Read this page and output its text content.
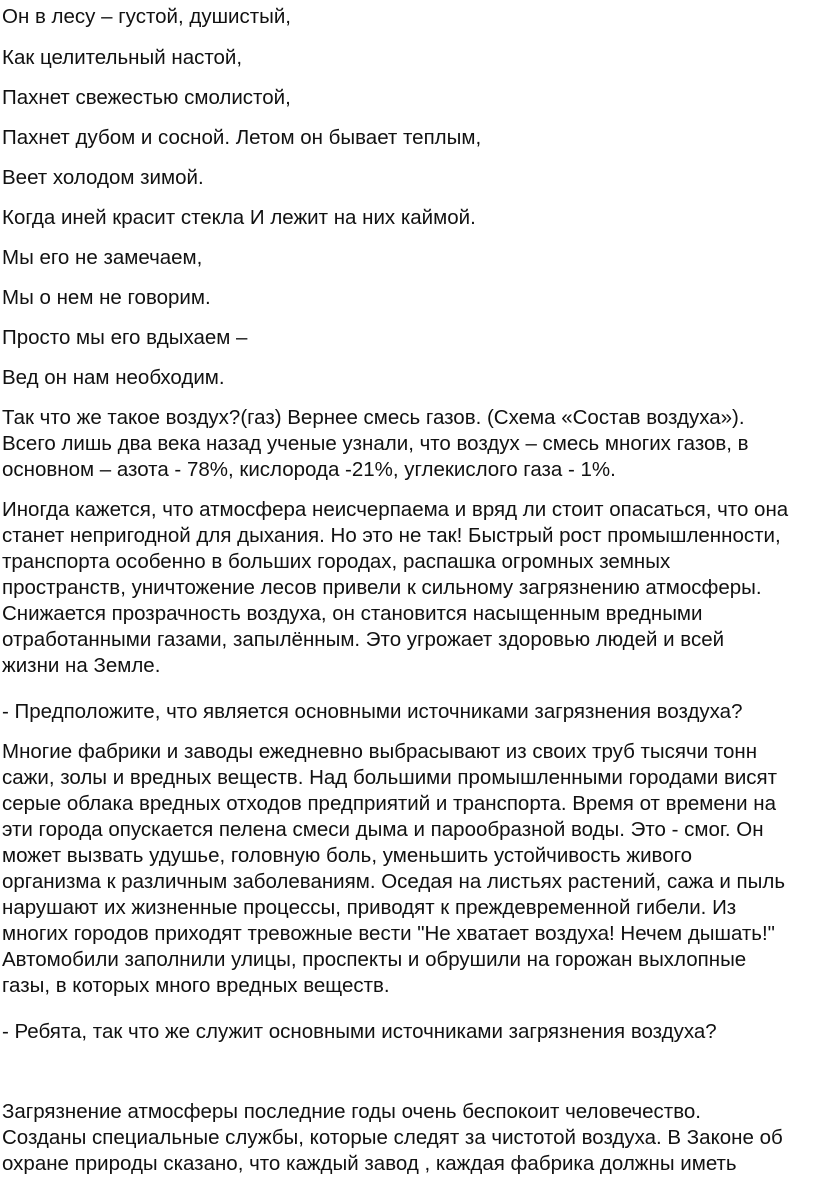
Он в лесу – густой, душистый,
Как целительный настой,
Пахнет свежестью смолистой,
Пахнет дубом и сосной. Летом он бывает теплым,
Веет холодом зимой.
Когда иней красит стекла И лежит на них каймой.
Мы его не замечаем,
Мы о нем не говорим.
Просто мы его вдыхаем –
Вед он нам необходим.
Так что же такое воздух?(газ) Вернее смесь газов. (Схема «Состав воздуха»).
Всего лишь два века назад ученые узнали, что воздух – смесь многих газов, в
основном – азота - 78%, кислорода -21%, углекислого газа - 1%.
Иногда кажется, что атмосфера неисчерпаема и вряд ли стоит опасаться, что она
станет непригодной для дыхания. Но это не так! Быстрый рост промышленности,
транспорта особенно в больших городах, распашка огромных земных
пространств, уничтожение лесов привели к сильному загрязнению атмосферы.
Снижается прозрачность воздуха, он становится насыщенным вредными
отработанными газами, запылённым. Это угрожает здоровью людей и всей
жизни на Земле.
- Предположите, что является основными источниками загрязнения воздуха?
Многие фабрики и заводы ежедневно выбрасывают из своих труб тысячи тонн
сажи, золы и вредных веществ. Над большими промышленными городами висят
серые облака вредных отходов предприятий и транспорта. Время от времени на
эти города опускается пелена смеси дыма и парообразной воды. Это - смог. Он
может вызвать удушье, головную боль, уменьшить устойчивость живого
организма к различным заболеваниям. Оседая на листьях растений, сажа и пыль
нарушают их жизненные процессы, приводят к преждевременной гибели. Из
многих городов приходят тревожные вести "Не хватает воздуха! Нечем дышать!"
Автомобили заполнили улицы, проспекты и обрушили на горожан выхлопные
газы, в которых много вредных веществ.
- Ребята, так что же служит основными источниками загрязнения воздуха?
Загрязнение атмосферы последние годы очень беспокоит человечество.
Созданы специальные службы, которые следят за чистотой воздуха. В Законе об
охране природы сказано, что каждый завод , каждая фабрика должны иметь
